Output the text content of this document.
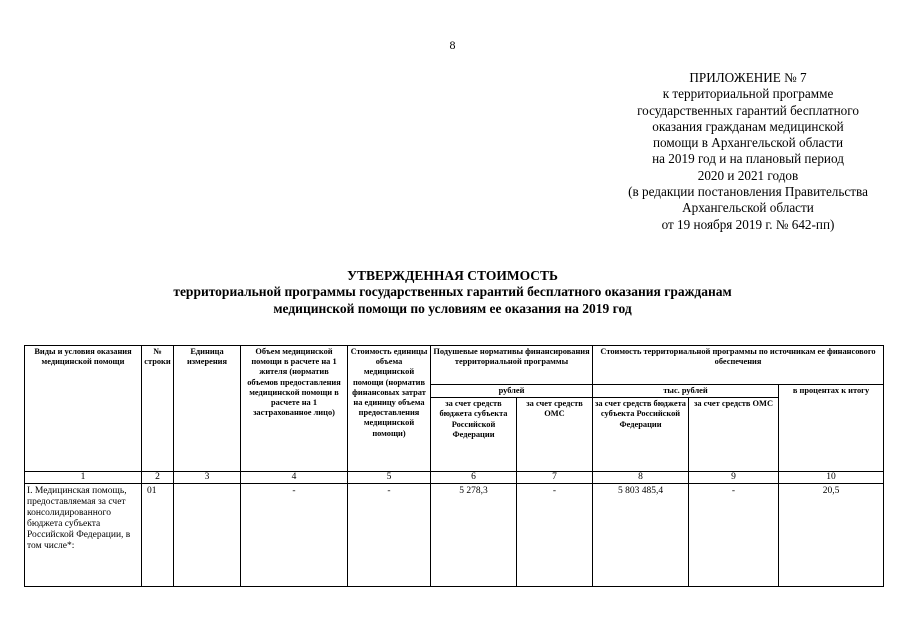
8
ПРИЛОЖЕНИЕ № 7
к территориальной программе
государственных гарантий бесплатного
оказания гражданам медицинской
помощи в Архангельской области
на 2019 год и на плановый период
2020 и 2021 годов
(в редакции постановления Правительства
Архангельской области
от 19 ноября 2019 г. № 642-пп)
УТВЕРЖДЕННАЯ СТОИМОСТЬ
территориальной программы государственных гарантий бесплатного оказания гражданам
медицинской помощи по условиям ее оказания на 2019 год
Виды и условия оказания медицинской помощи	№ строки	Единица измерения	Объем медицинской помощи в расчете на 1 жителя (норматив объемов предоставления медицинской помощи в расчете на 1 застрахованное лицо)	Стоимость единицы объема медицинской помощи (норматив финансовых затрат на единицу объема предоставления медицинской помощи)	Подушевые нормативы финансирования территориальной программы		Стоимость территориальной программы по источникам ее финансового обеспечения		
					рублей		тыс. рублей		в процентах к итогу
					за счет средств бюджета субъекта Российской Федерации	за счет средств ОМС	за счет средств бюджета субъекта Российской Федерации	за счет средств ОМС	
1	2	3	4	5	6	7	8	9	10
I. Медицинская помощь, предоставляемая за счет консолидированного бюджета субъекта Российской Федерации, в том числе*:	01		-	-	5 278,3	-	5 803 485,4	-	20,5
